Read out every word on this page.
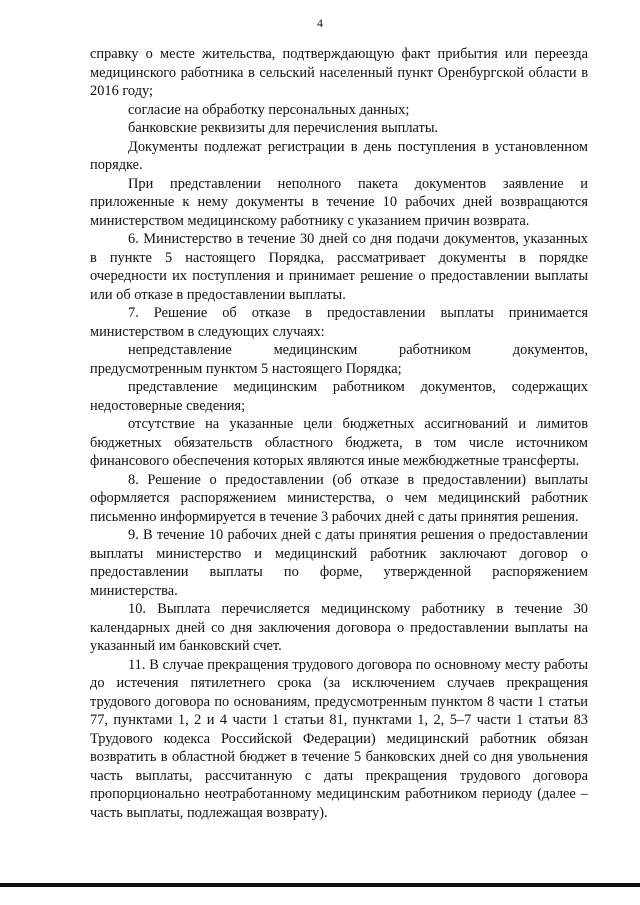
4

справку о месте жительства, подтверждающую факт прибытия или переезда медицинского работника в сельский населенный пункт Оренбургской области в 2016 году;

согласие на обработку персональных данных;

банковские реквизиты для перечисления выплаты.

Документы подлежат регистрации в день поступления в установленном порядке.

При представлении неполного пакета документов заявление и приложенные к нему документы в течение 10 рабочих дней возвращаются министерством медицинскому работнику с указанием причин возврата.

6. Министерство в течение 30 дней со дня подачи документов, указанных в пункте 5 настоящего Порядка, рассматривает документы в порядке очередности их поступления и принимает решение о предоставлении выплаты или об отказе в предоставлении выплаты.

7. Решение об отказе в предоставлении выплаты принимается министерством в следующих случаях:

непредставление медицинским работником документов, предусмотренным пунктом 5 настоящего Порядка;

представление медицинским работником документов, содержащих недостоверные сведения;

отсутствие на указанные цели бюджетных ассигнований и лимитов бюджетных обязательств областного бюджета, в том числе источником финансового обеспечения которых являются иные межбюджетные трансферты.

8. Решение о предоставлении (об отказе в предоставлении) выплаты оформляется распоряжением министерства, о чем медицинский работник письменно информируется в течение 3 рабочих дней с даты принятия решения.

9. В течение 10 рабочих дней с даты принятия решения о предоставлении выплаты министерство и медицинский работник заключают договор о предоставлении выплаты по форме, утвержденной распоряжением министерства.

10. Выплата перечисляется медицинскому работнику в течение 30 календарных дней со дня заключения договора о предоставлении выплаты на указанный им банковский счет.

11. В случае прекращения трудового договора по основному месту работы до истечения пятилетнего срока (за исключением случаев прекращения трудового договора по основаниям, предусмотренным пунктом 8 части 1 статьи 77, пунктами 1, 2 и 4 части 1 статьи 81, пунктами 1, 2, 5–7 части 1 статьи 83 Трудового кодекса Российской Федерации) медицинский работник обязан возвратить в областной бюджет в течение 5 банковских дней со дня увольнения часть выплаты, рассчитанную с даты прекращения трудового договора пропорционально неотработанному медицинским работником периоду (далее – часть выплаты, подлежащая возврату).
